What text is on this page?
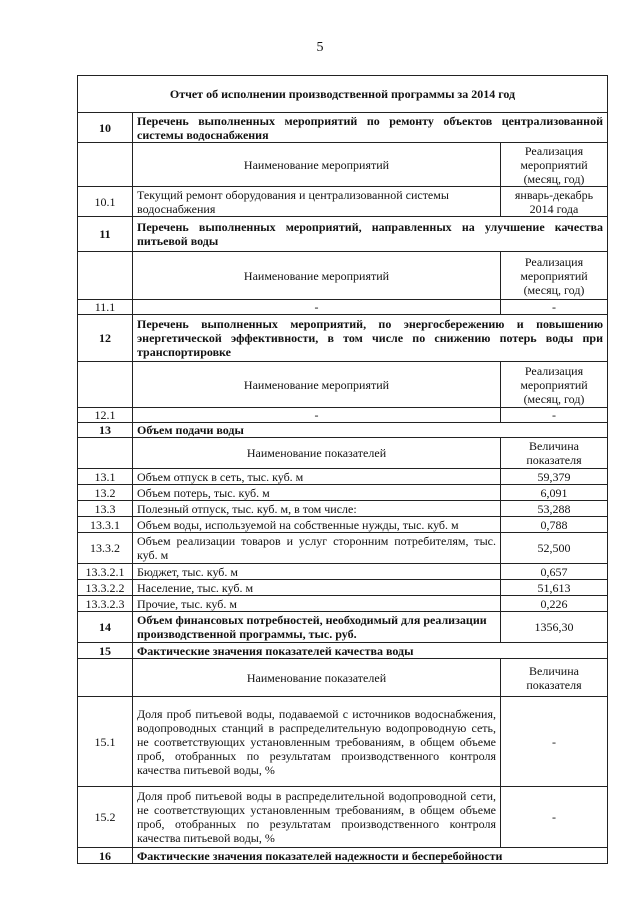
5
Отчет об исполнении производственной программы за 2014 год		
10	Перечень выполненных мероприятий по ремонту объектов централизованной системы водоснабжения	
	Наименование мероприятий	Реализация мероприятий (месяц, год)
10.1	Текущий ремонт оборудования и централизованной системы водоснабжения	январь-декабрь 2014 года
11	Перечень выполненных мероприятий, направленных на улучшение качества питьевой воды	
	Наименование мероприятий	Реализация мероприятий (месяц, год)
11.1	-	-
12	Перечень выполненных мероприятий, по энергосбережению и повышению энергетической эффективности, в том числе по снижению потерь воды при транспортировке	
	Наименование мероприятий	Реализация мероприятий (месяц, год)
12.1	-	-
13	Объем подачи воды	
	Наименование показателей	Величина показателя
13.1	Объем отпуск в сеть, тыс. куб. м	59,379
13.2	Объем потерь, тыс. куб. м	6,091
13.3	Полезный отпуск, тыс. куб. м, в том числе:	53,288
13.3.1	Объем воды, используемой на собственные нужды, тыс. куб. м	0,788
13.3.2	Объем реализации товаров и услуг сторонним потребителям, тыс. куб. м	52,500
13.3.2.1	Бюджет, тыс. куб. м	0,657
13.3.2.2	Население, тыс. куб. м	51,613
13.3.2.3	Прочие, тыс. куб. м	0,226
14	Объем финансовых потребностей, необходимый для реализации производственной программы, тыс. руб.	1356,30
15	Фактические значения показателей качества воды	
	Наименование показателей	Величина показателя
15.1	Доля проб питьевой воды, подаваемой с источников водоснабжения, водопроводных станций в распределительную водопроводную сеть, не соответствующих установленным требованиям, в общем объеме проб, отобранных по результатам производственного контроля качества питьевой воды, %	-
15.2	Доля проб питьевой воды в распределительной водопроводной сети, не соответствующих установленным требованиям, в общем объеме проб, отобранных по результатам производственного контроля качества питьевой воды, %	-
16	Фактические значения показателей надежности и бесперебойности	
